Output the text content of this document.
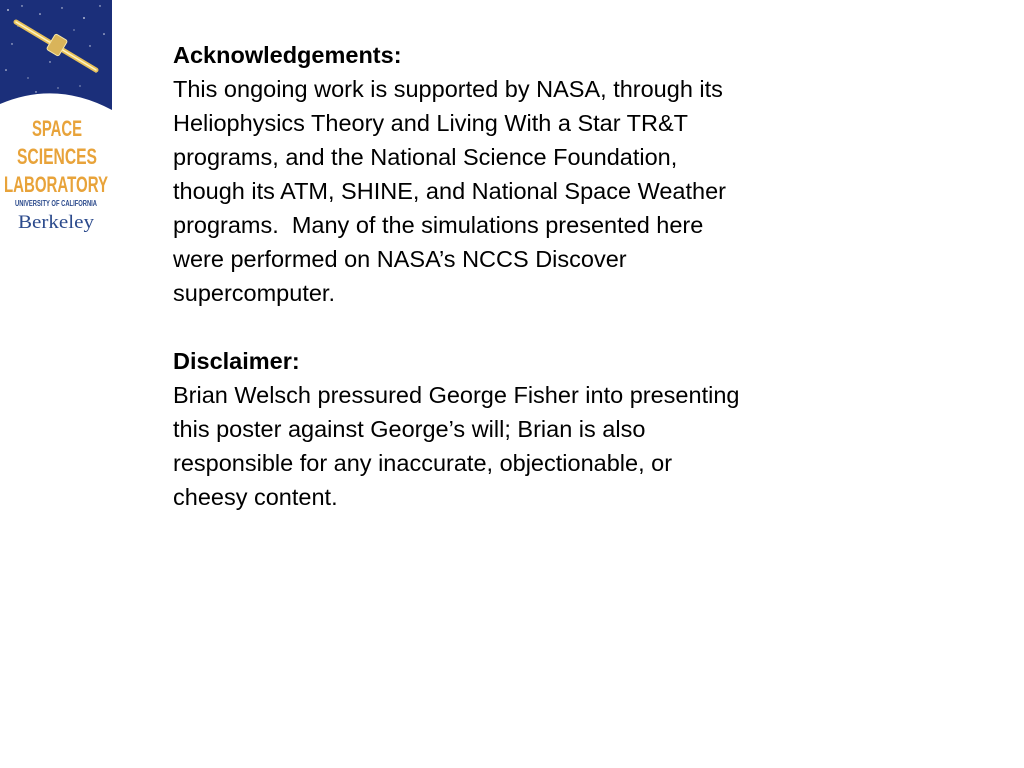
SPACE
SCIENCES
LABORATORY
UNIVERSITY OF CALIFORNIA
Berkeley
Acknowledgements:
This ongoing work is supported by NASA, through its
Heliophysics Theory and Living With a Star TR&T
programs, and the National Science Foundation,
though its ATM, SHINE, and National Space Weather
programs.  Many of the simulations presented here
were performed on NASA’s NCCS Discover
supercomputer.
Disclaimer:
Brian Welsch pressured George Fisher into presenting
this poster against George’s will; Brian is also
responsible for any inaccurate, objectionable, or
cheesy content.
